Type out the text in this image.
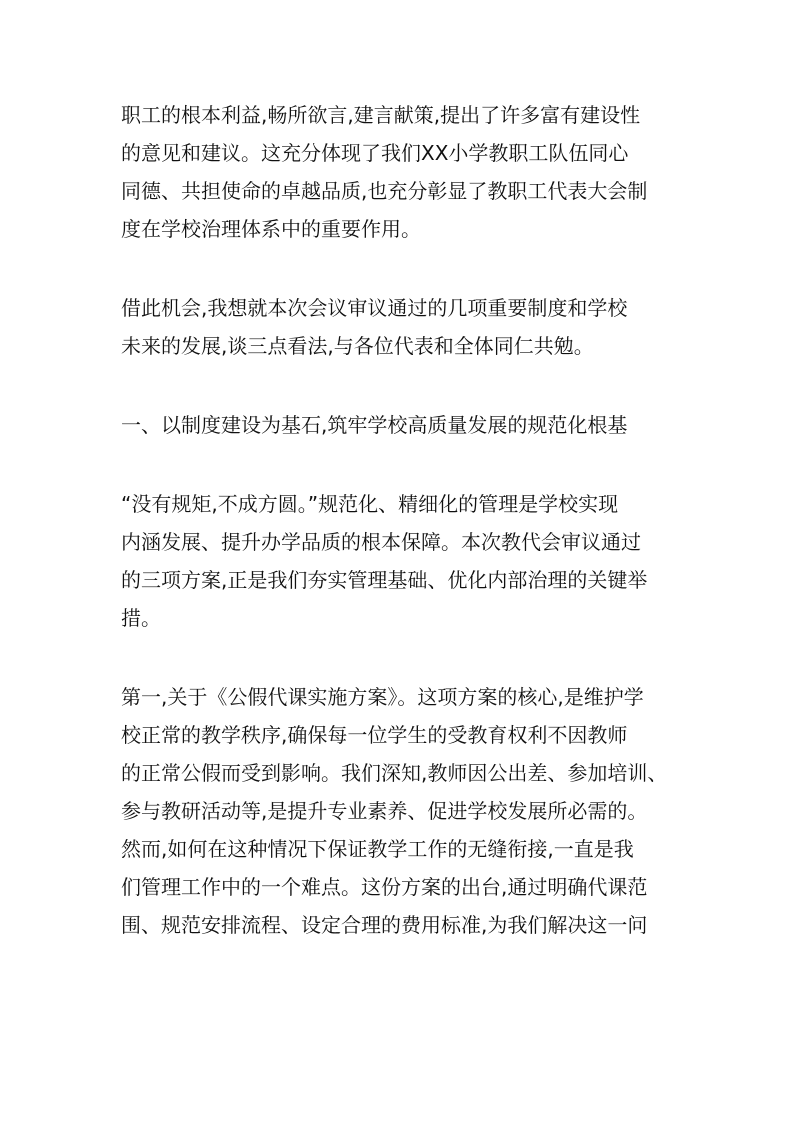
职工的根本利益,畅所欲言,建言献策,提出了许多富有建设性
的意见和建议。这充分体现了我们XX小学教职工队伍同心
同德、共担使命的卓越品质,也充分彰显了教职工代表大会制
度在学校治理体系中的重要作用。
借此机会,我想就本次会议审议通过的几项重要制度和学校
未来的发展,谈三点看法,与各位代表和全体同仁共勉。
一、以制度建设为基石,筑牢学校高质量发展的规范化根基
“没有规矩,不成方圆。”规范化、精细化的管理是学校实现
内涵发展、提升办学品质的根本保障。本次教代会审议通过
的三项方案,正是我们夯实管理基础、优化内部治理的关键举
措。
第一,关于《公假代课实施方案》。这项方案的核心,是维护学
校正常的教学秩序,确保每一位学生的受教育权利不因教师
的正常公假而受到影响。我们深知,教师因公出差、参加培训、
参与教研活动等,是提升专业素养、促进学校发展所必需的。
然而,如何在这种情况下保证教学工作的无缝衔接,一直是我
们管理工作中的一个难点。这份方案的出台,通过明确代课范
围、规范安排流程、设定合理的费用标准,为我们解决这一问
